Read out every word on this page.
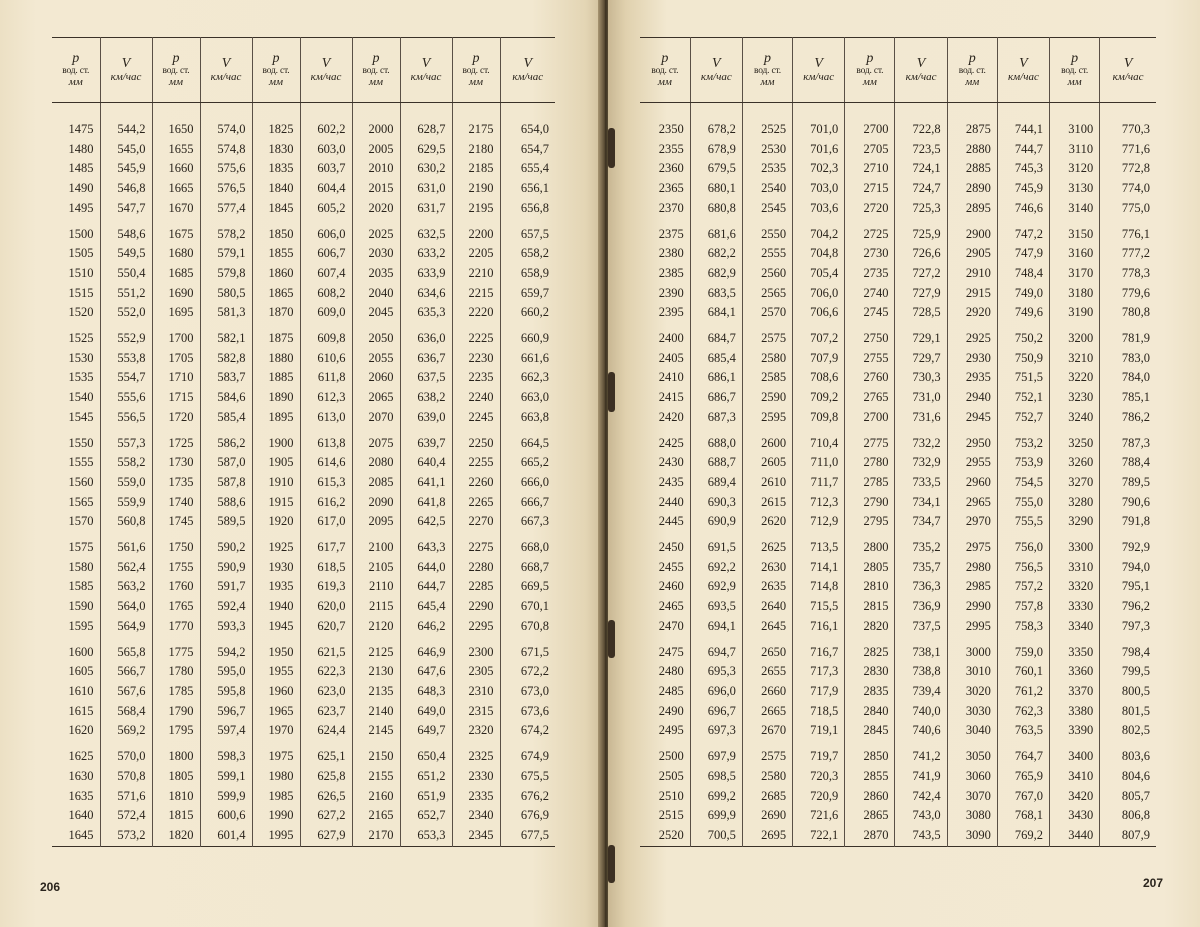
p
вод. ст.
мм	V
км/час	p
вод. ст.
мм	V
км/час	p
вод. ст.
мм	V
км/час	p
вод. ст.
мм	V
км/час	p
вод. ст.
мм	V
км/час

1475	544,2	1650	574,0	1825	602,2	2000	628,7	2175	654,0
1480	545,0	1655	574,8	1830	603,0	2005	629,5	2180	654,7
1485	545,9	1660	575,6	1835	603,7	2010	630,2	2185	655,4
1490	546,8	1665	576,5	1840	604,4	2015	631,0	2190	656,1
1495	547,7	1670	577,4	1845	605,2	2020	631,7	2195	656,8
1500	548,6	1675	578,2	1850	606,0	2025	632,5	2200	657,5
1505	549,5	1680	579,1	1855	606,7	2030	633,2	2205	658,2
1510	550,4	1685	579,8	1860	607,4	2035	633,9	2210	658,9
1515	551,2	1690	580,5	1865	608,2	2040	634,6	2215	659,7
1520	552,0	1695	581,3	1870	609,0	2045	635,3	2220	660,2
1525	552,9	1700	582,1	1875	609,8	2050	636,0	2225	660,9
1530	553,8	1705	582,8	1880	610,6	2055	636,7	2230	661,6
1535	554,7	1710	583,7	1885	611,8	2060	637,5	2235	662,3
1540	555,6	1715	584,6	1890	612,3	2065	638,2	2240	663,0
1545	556,5	1720	585,4	1895	613,0	2070	639,0	2245	663,8
1550	557,3	1725	586,2	1900	613,8	2075	639,7	2250	664,5
1555	558,2	1730	587,0	1905	614,6	2080	640,4	2255	665,2
1560	559,0	1735	587,8	1910	615,3	2085	641,1	2260	666,0
1565	559,9	1740	588,6	1915	616,2	2090	641,8	2265	666,7
1570	560,8	1745	589,5	1920	617,0	2095	642,5	2270	667,3
1575	561,6	1750	590,2	1925	617,7	2100	643,3	2275	668,0
1580	562,4	1755	590,9	1930	618,5	2105	644,0	2280	668,7
1585	563,2	1760	591,7	1935	619,3	2110	644,7	2285	669,5
1590	564,0	1765	592,4	1940	620,0	2115	645,4	2290	670,1
1595	564,9	1770	593,3	1945	620,7	2120	646,2	2295	670,8
1600	565,8	1775	594,2	1950	621,5	2125	646,9	2300	671,5
1605	566,7	1780	595,0	1955	622,3	2130	647,6	2305	672,2
1610	567,6	1785	595,8	1960	623,0	2135	648,3	2310	673,0
1615	568,4	1790	596,7	1965	623,7	2140	649,0	2315	673,6
1620	569,2	1795	597,4	1970	624,4	2145	649,7	2320	674,2
1625	570,0	1800	598,3	1975	625,1	2150	650,4	2325	674,9
1630	570,8	1805	599,1	1980	625,8	2155	651,2	2330	675,5
1635	571,6	1810	599,9	1985	626,5	2160	651,9	2335	676,2
1640	572,4	1815	600,6	1990	627,2	2165	652,7	2340	676,9
1645	573,2	1820	601,4	1995	627,9	2170	653,3	2345	677,5
206
p
вод. ст.
мм	V
км/час	p
вод. ст.
мм	V
км/час	p
вод. ст.
мм	V
км/час	p
вод. ст.
мм	V
км/час	p
вод. ст.
мм	V
км/час

2350	678,2	2525	701,0	2700	722,8	2875	744,1	3100	770,3
2355	678,9	2530	701,6	2705	723,5	2880	744,7	3110	771,6
2360	679,5	2535	702,3	2710	724,1	2885	745,3	3120	772,8
2365	680,1	2540	703,0	2715	724,7	2890	745,9	3130	774,0
2370	680,8	2545	703,6	2720	725,3	2895	746,6	3140	775,0
2375	681,6	2550	704,2	2725	725,9	2900	747,2	3150	776,1
2380	682,2	2555	704,8	2730	726,6	2905	747,9	3160	777,2
2385	682,9	2560	705,4	2735	727,2	2910	748,4	3170	778,3
2390	683,5	2565	706,0	2740	727,9	2915	749,0	3180	779,6
2395	684,1	2570	706,6	2745	728,5	2920	749,6	3190	780,8
2400	684,7	2575	707,2	2750	729,1	2925	750,2	3200	781,9
2405	685,4	2580	707,9	2755	729,7	2930	750,9	3210	783,0
2410	686,1	2585	708,6	2760	730,3	2935	751,5	3220	784,0
2415	686,7	2590	709,2	2765	731,0	2940	752,1	3230	785,1
2420	687,3	2595	709,8	2700	731,6	2945	752,7	3240	786,2
2425	688,0	2600	710,4	2775	732,2	2950	753,2	3250	787,3
2430	688,7	2605	711,0	2780	732,9	2955	753,9	3260	788,4
2435	689,4	2610	711,7	2785	733,5	2960	754,5	3270	789,5
2440	690,3	2615	712,3	2790	734,1	2965	755,0	3280	790,6
2445	690,9	2620	712,9	2795	734,7	2970	755,5	3290	791,8
2450	691,5	2625	713,5	2800	735,2	2975	756,0	3300	792,9
2455	692,2	2630	714,1	2805	735,7	2980	756,5	3310	794,0
2460	692,9	2635	714,8	2810	736,3	2985	757,2	3320	795,1
2465	693,5	2640	715,5	2815	736,9	2990	757,8	3330	796,2
2470	694,1	2645	716,1	2820	737,5	2995	758,3	3340	797,3
2475	694,7	2650	716,7	2825	738,1	3000	759,0	3350	798,4
2480	695,3	2655	717,3	2830	738,8	3010	760,1	3360	799,5
2485	696,0	2660	717,9	2835	739,4	3020	761,2	3370	800,5
2490	696,7	2665	718,5	2840	740,0	3030	762,3	3380	801,5
2495	697,3	2670	719,1	2845	740,6	3040	763,5	3390	802,5
2500	697,9	2575	719,7	2850	741,2	3050	764,7	3400	803,6
2505	698,5	2580	720,3	2855	741,9	3060	765,9	3410	804,6
2510	699,2	2685	720,9	2860	742,4	3070	767,0	3420	805,7
2515	699,9	2690	721,6	2865	743,0	3080	768,1	3430	806,8
2520	700,5	2695	722,1	2870	743,5	3090	769,2	3440	807,9
207
